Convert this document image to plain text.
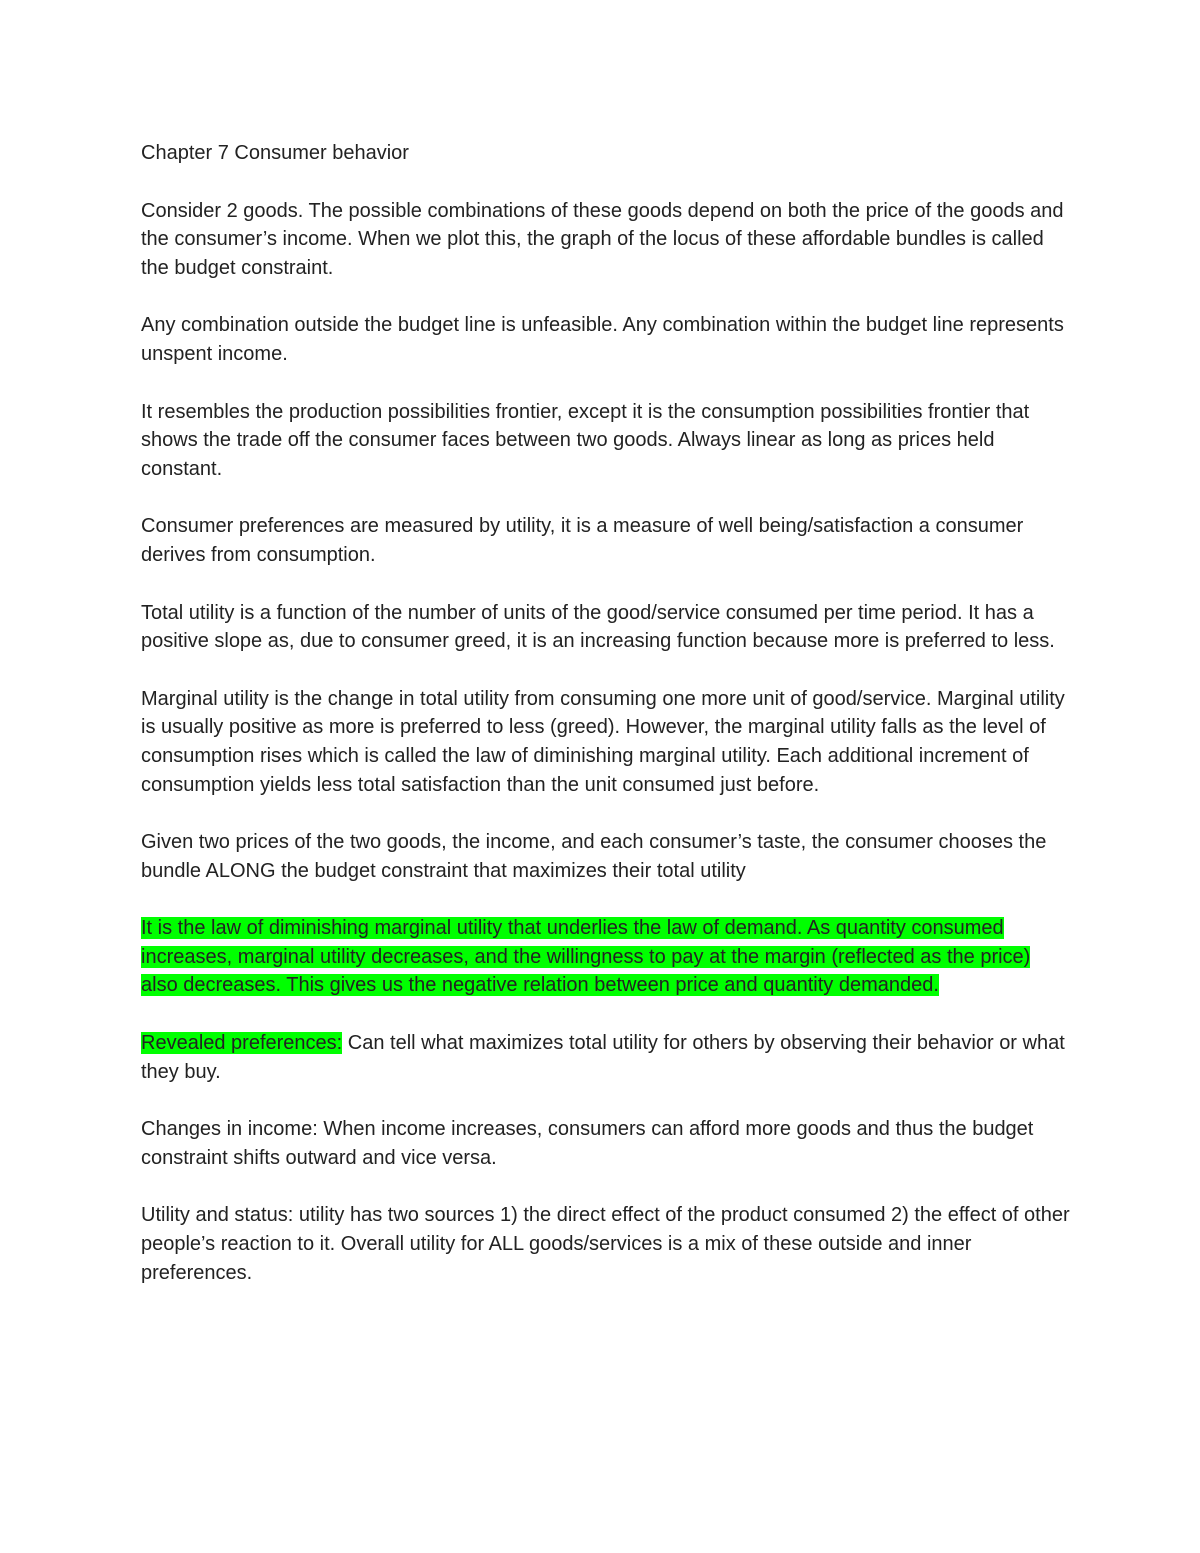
Chapter 7 Consumer behavior

Consider 2 goods. The possible combinations of these goods depend on both the price of the goods and the consumer’s income. When we plot this, the graph of the locus of these affordable bundles is called the budget constraint.

Any combination outside the budget line is unfeasible. Any combination within the budget line represents unspent income.

It resembles the production possibilities frontier, except it is the consumption possibilities frontier that shows the trade off the consumer faces between two goods. Always linear as long as prices held constant.

Consumer preferences are measured by utility, it is a measure of well being/satisfaction a consumer derives from consumption.

Total utility is a function of the number of units of the good/service consumed per time period. It has a positive slope as, due to consumer greed, it is an increasing function because more is preferred to less.

Marginal utility is the change in total utility from consuming one more unit of good/service. Marginal utility is usually positive as more is preferred to less (greed). However, the marginal utility falls as the level of consumption rises which is called the law of diminishing marginal utility. Each additional increment of consumption yields less total satisfaction than the unit consumed just before.

Given two prices of the two goods, the income, and each consumer’s taste, the consumer chooses the bundle ALONG the budget constraint that maximizes their total utility

It is the law of diminishing marginal utility that underlies the law of demand. As quantity consumed increases, marginal utility decreases, and the willingness to pay at the margin (reflected as the price) also decreases. This gives us the negative relation between price and quantity demanded.

Revealed preferences: Can tell what maximizes total utility for others by observing their behavior or what they buy.

Changes in income: When income increases, consumers can afford more goods and thus the budget constraint shifts outward and vice versa.

Utility and status: utility has two sources 1) the direct effect of the product consumed 2) the effect of other people’s reaction to it. Overall utility for ALL goods/services is a mix of these outside and inner preferences.
